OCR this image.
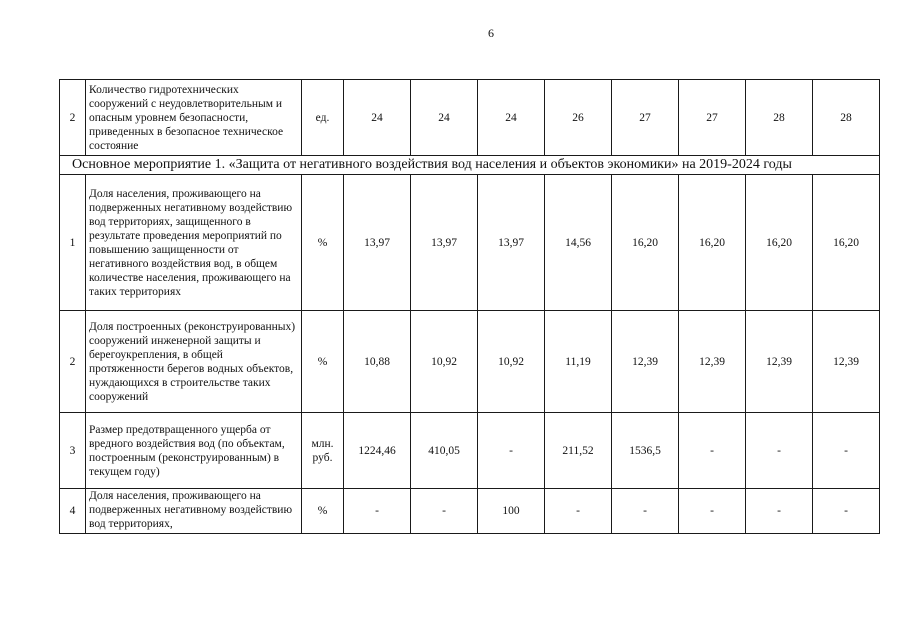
6
2	Количество гидротехнических сооружений с неудовлетворительным и опасным уровнем безопасности, приведенных в безопасное техническое состояние	ед.	24	24	24	26	27	27	28	28
Основное мероприятие 1. «Защита от негативного воздействия вод населения и объектов экономики» на 2019-2024 годы										
1	Доля населения, проживающего на подверженных негативному воздействию вод территориях, защищенного в результате проведения мероприятий по повышению защищенности от негативного воздействия вод, в общем количестве населения, проживающего на таких территориях	%	13,97	13,97	13,97	14,56	16,20	16,20	16,20	16,20
2	Доля построенных (реконструированных) сооружений инженерной защиты и берегоукрепления, в общей протяженности берегов водных объектов, нуждающихся в строительстве таких сооружений	%	10,88	10,92	10,92	11,19	12,39	12,39	12,39	12,39
3	Размер предотвращенного ущерба от вредного воздействия вод (по объектам, построенным (реконструированным) в текущем году)	млн. руб.	1224,46	410,05	-	211,52	1536,5	-	-	-
4	Доля населения, проживающего на подверженных негативному воздействию вод территориях,	%	-	-	100	-	-	-	-	-
